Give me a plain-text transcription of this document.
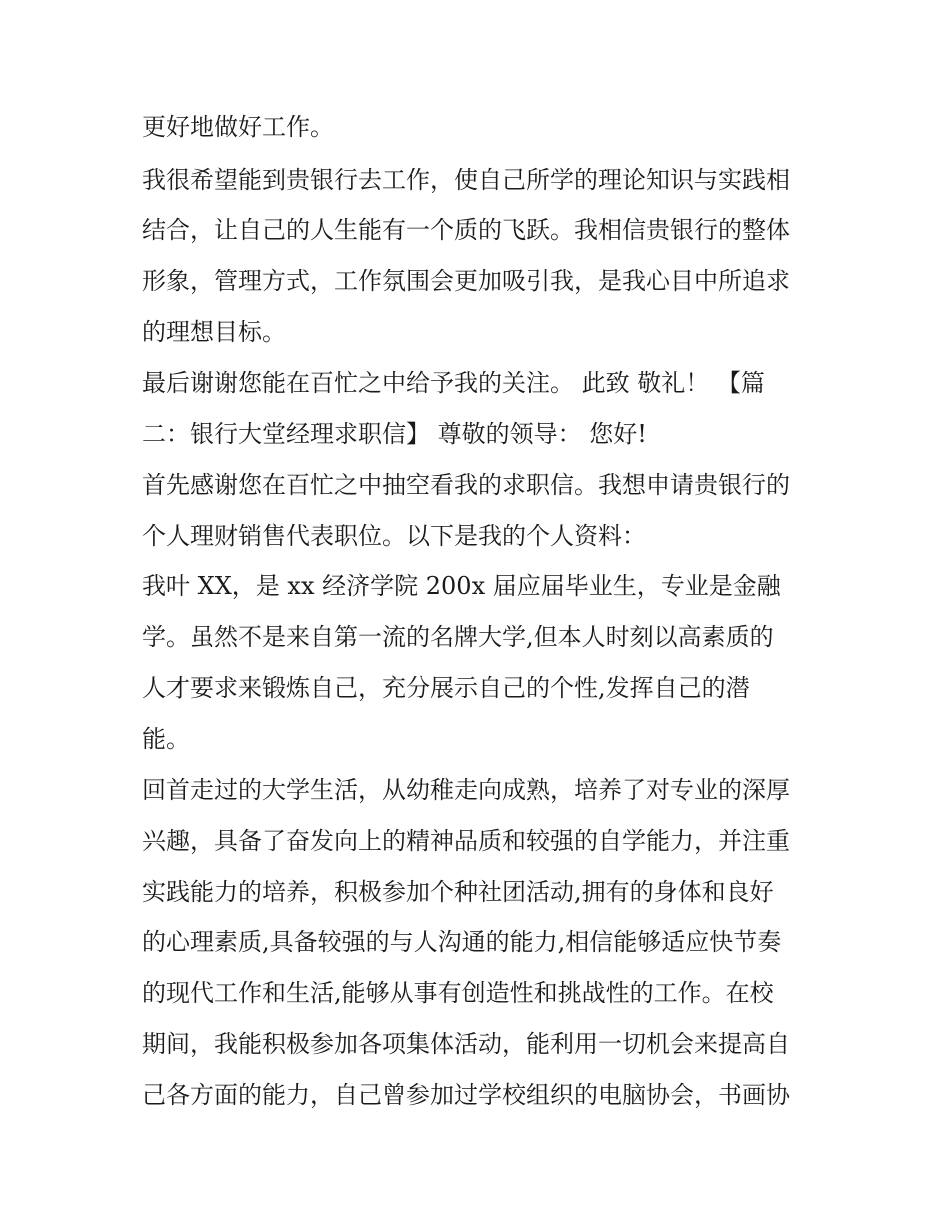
更好地做好工作。
我很希望能到贵银行去工作，使自己所学的理论知识与实践相
结合，让自己的人生能有一个质的飞跃。我相信贵银行的整体
形象，管理方式，工作氛围会更加吸引我，是我心目中所追求
的理想目标。
最后谢谢您能在百忙之中给予我的关注。 此致 敬礼！ 【篇
二：银行大堂经理求职信】 尊敬的领导： 您好!
首先感谢您在百忙之中抽空看我的求职信。我想申请贵银行的
个人理财销售代表职位。以下是我的个人资料：
我叶 XX，是 xx 经济学院 200x 届应届毕业生，专业是金融
学。虽然不是来自第一流的名牌大学,但本人时刻以高素质的
人才要求来锻炼自己，充分展示自己的个性,发挥自己的潜
能。
回首走过的大学生活，从幼稚走向成熟，培养了对专业的深厚
兴趣，具备了奋发向上的精神品质和较强的自学能力，并注重
实践能力的培养，积极参加个种社团活动,拥有的身体和良好
的心理素质,具备较强的与人沟通的能力,相信能够适应快节奏
的现代工作和生活,能够从事有创造性和挑战性的工作。在校
期间，我能积极参加各项集体活动，能利用一切机会来提高自
己各方面的能力，自己曾参加过学校组织的电脑协会，书画协
